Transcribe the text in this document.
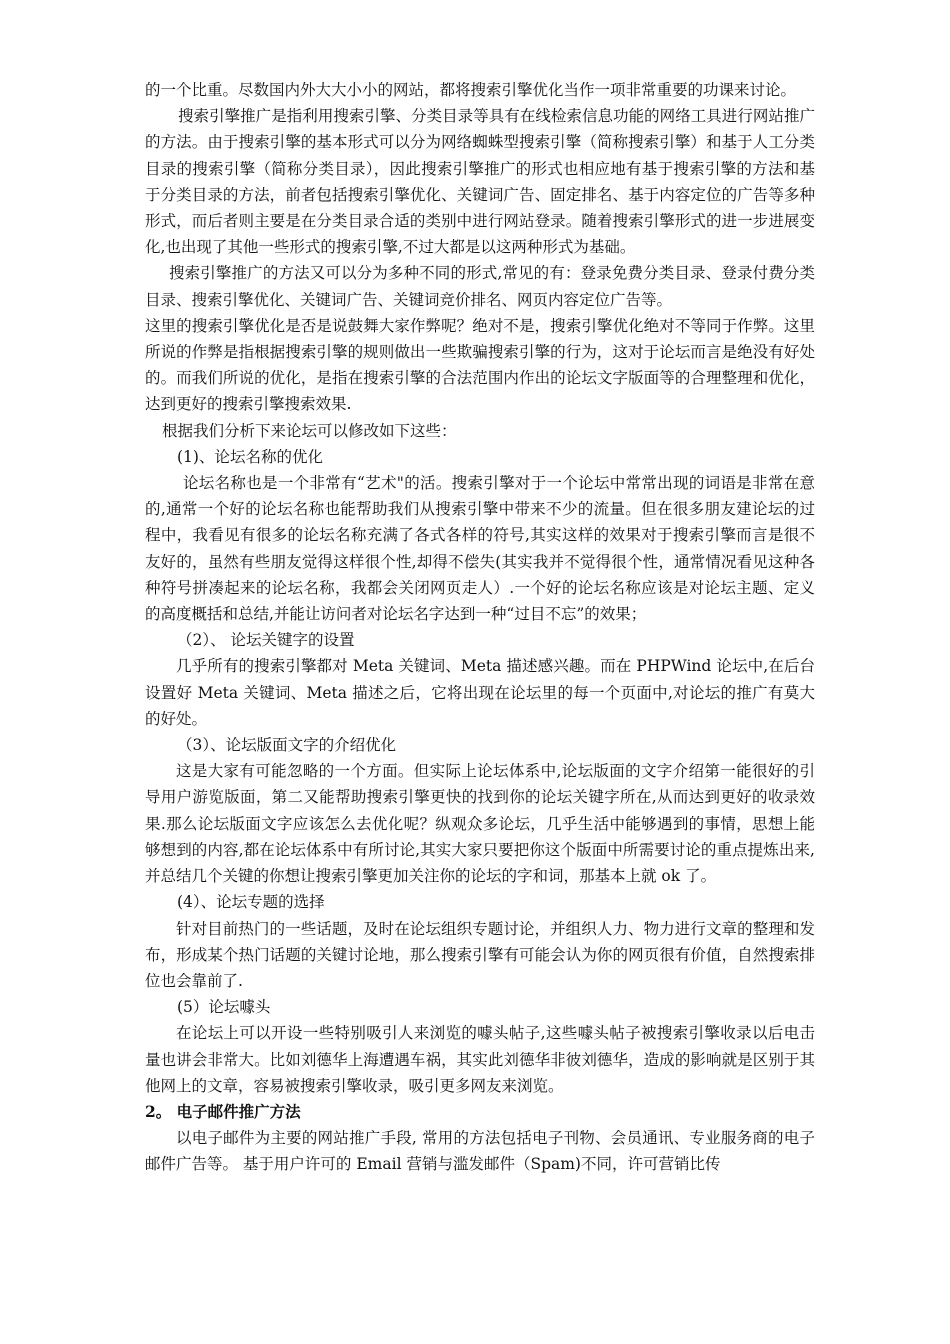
的一个比重。尽数国内外大大小小的网站，都将搜索引擎优化当作一项非常重要的功课来讨论。

搜索引擎推广是指利用搜索引擎、分类目录等具有在线检索信息功能的网络工具进行网站推广的方法。由于搜索引擎的基本形式可以分为网络蜘蛛型搜索引擎（简称搜索引擎）和基于人工分类目录的搜索引擎（简称分类目录），因此搜索引擎推广的形式也相应地有基于搜索引擎的方法和基于分类目录的方法，前者包括搜索引擎优化、关键词广告、固定排名、基于内容定位的广告等多种形式，而后者则主要是在分类目录合适的类别中进行网站登录。随着搜索引擎形式的进一步进展变化,也出现了其他一些形式的搜索引擎,不过大都是以这两种形式为基础。

搜索引擎推广的方法又可以分为多种不同的形式,常见的有：登录免费分类目录、登录付费分类目录、搜索引擎优化、关键词广告、关键词竞价排名、网页内容定位广告等。

这里的搜索引擎优化是否是说鼓舞大家作弊呢？绝对不是，搜索引擎优化绝对不等同于作弊。这里所说的作弊是指根据搜索引擎的规则做出一些欺骗搜索引擎的行为，这对于论坛而言是绝没有好处的。而我们所说的优化，是指在搜索引擎的合法范围内作出的论坛文字版面等的合理整理和优化，达到更好的搜索引擎搜索效果.

根据我们分析下来论坛可以修改如下这些：

(1)、论坛名称的优化

论坛名称也是一个非常有“艺术"的活。搜索引擎对于一个论坛中常常出现的词语是非常在意的,通常一个好的论坛名称也能帮助我们从搜索引擎中带来不少的流量。但在很多朋友建论坛的过程中，我看见有很多的论坛名称充满了各式各样的符号,其实这样的效果对于搜索引擎而言是很不友好的，虽然有些朋友觉得这样很个性,却得不偿失(其实我并不觉得很个性，通常情况看见这种各种符号拼凑起来的论坛名称，我都会关闭网页走人）.一个好的论坛名称应该是对论坛主题、定义的高度概括和总结,并能让访问者对论坛名字达到一种“过目不忘”的效果；

（2）、 论坛关键字的设置

几乎所有的搜索引擎都对 Meta 关键词、Meta 描述感兴趣。而在 PHPWind 论坛中,在后台设置好 Meta 关键词、Meta 描述之后，它将出现在论坛里的每一个页面中,对论坛的推广有莫大的好处。

（3）、论坛版面文字的介绍优化

这是大家有可能忽略的一个方面。但实际上论坛体系中,论坛版面的文字介绍第一能很好的引导用户游览版面，第二又能帮助搜索引擎更快的找到你的论坛关键字所在,从而达到更好的收录效果.那么论坛版面文字应该怎么去优化呢？纵观众多论坛，几乎生活中能够遇到的事情，思想上能够想到的内容,都在论坛体系中有所讨论,其实大家只要把你这个版面中所需要讨论的重点提炼出来,并总结几个关键的你想让搜索引擎更加关注你的论坛的字和词，那基本上就 ok 了。

(4）、论坛专题的选择

针对目前热门的一些话题，及时在论坛组织专题讨论，并组织人力、物力进行文章的整理和发布，形成某个热门话题的关键讨论地，那么搜索引擎有可能会认为你的网页很有价值，自然搜索排位也会靠前了.

(5）论坛噱头

在论坛上可以开设一些特别吸引人来浏览的噱头帖子,这些噱头帖子被搜索引擎收录以后电击量也讲会非常大。比如刘德华上海遭遇车祸，其实此刘德华非彼刘德华，造成的影响就是区别于其他网上的文章，容易被搜索引擎收录，吸引更多网友来浏览。

2。 电子邮件推广方法

以电子邮件为主要的网站推广手段, 常用的方法包括电子刊物、会员通讯、专业服务商的电子邮件广告等。 基于用户许可的 Email 营销与滥发邮件（Spam)不同，许可营销比传
